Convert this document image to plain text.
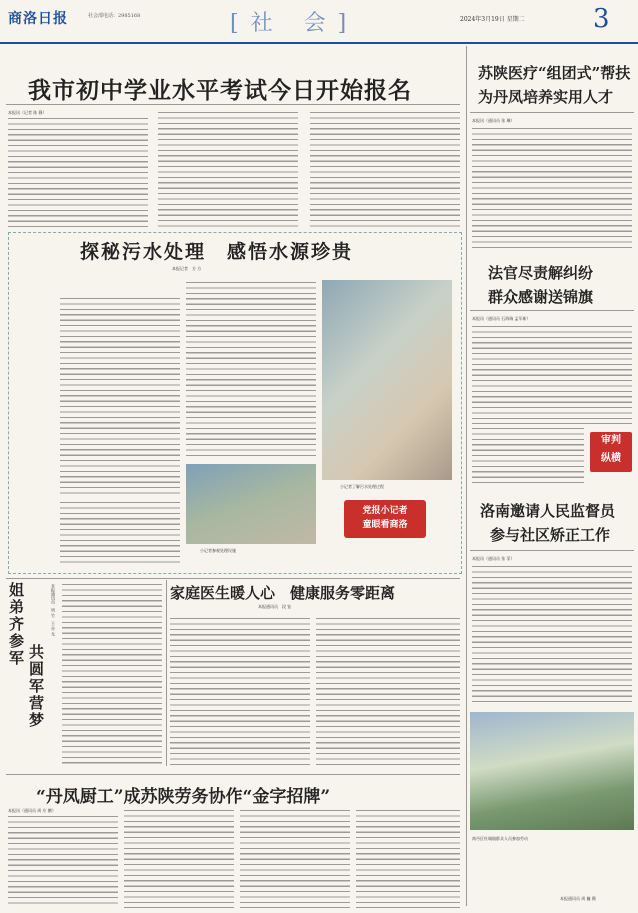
商洛日报	社会部电话：2985168	[社 会]	2024年3月19日 星期二	3
我市初中学业水平考试今日开始报名
本报讯（记者 陈 静）
探秘污水处理　感悟水源珍贵
本报记者　方 方
小记者了解污水处理过程
小记者参观处理设施
党报小记者
童眼看商洛
苏陕医疗“组团式”帮扶
为丹凤培养实用人才
本报讯（通讯员 张 琳）
法官尽责解纠纷
群众感谢送锦旗
本报讯（通讯员 石海瑞 孟军新）
审判
纵横
洛南邀请人民监督员
参与社区矫正工作
本报讯（通讯员 张 菲）
商丹区杜城镇群众人员参加劳动
本报通讯员 周 巍 摄
姐弟齐参军
共圆军营梦
本报通讯员　周 竹　王 亦 尤	家庭医生暖人心　健康服务零距离
本报通讯员　段 钰
“丹凤厨工”成苏陕劳务协作“金字招牌”
本报讯（通讯员 周 应 鹏）
